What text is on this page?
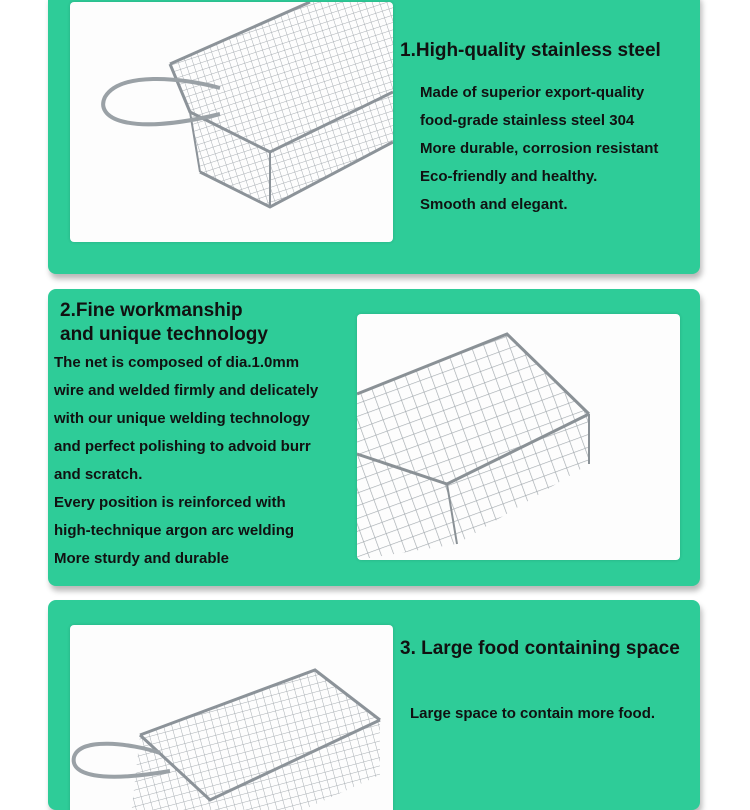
1.High-quality stainless steel

Made of superior export-quality

food-grade stainless steel 304

More durable, corrosion resistant

Eco-friendly and healthy.

Smooth and elegant.

2.Fine workmanship
and unique technology

The net is composed of dia.1.0mm

wire and welded firmly and delicately

with our unique welding technology

and perfect polishing to advoid burr

and scratch.

Every position is reinforced with

high-technique argon arc welding

More sturdy and durable

3. Large food containing space

Large space to contain more food.
